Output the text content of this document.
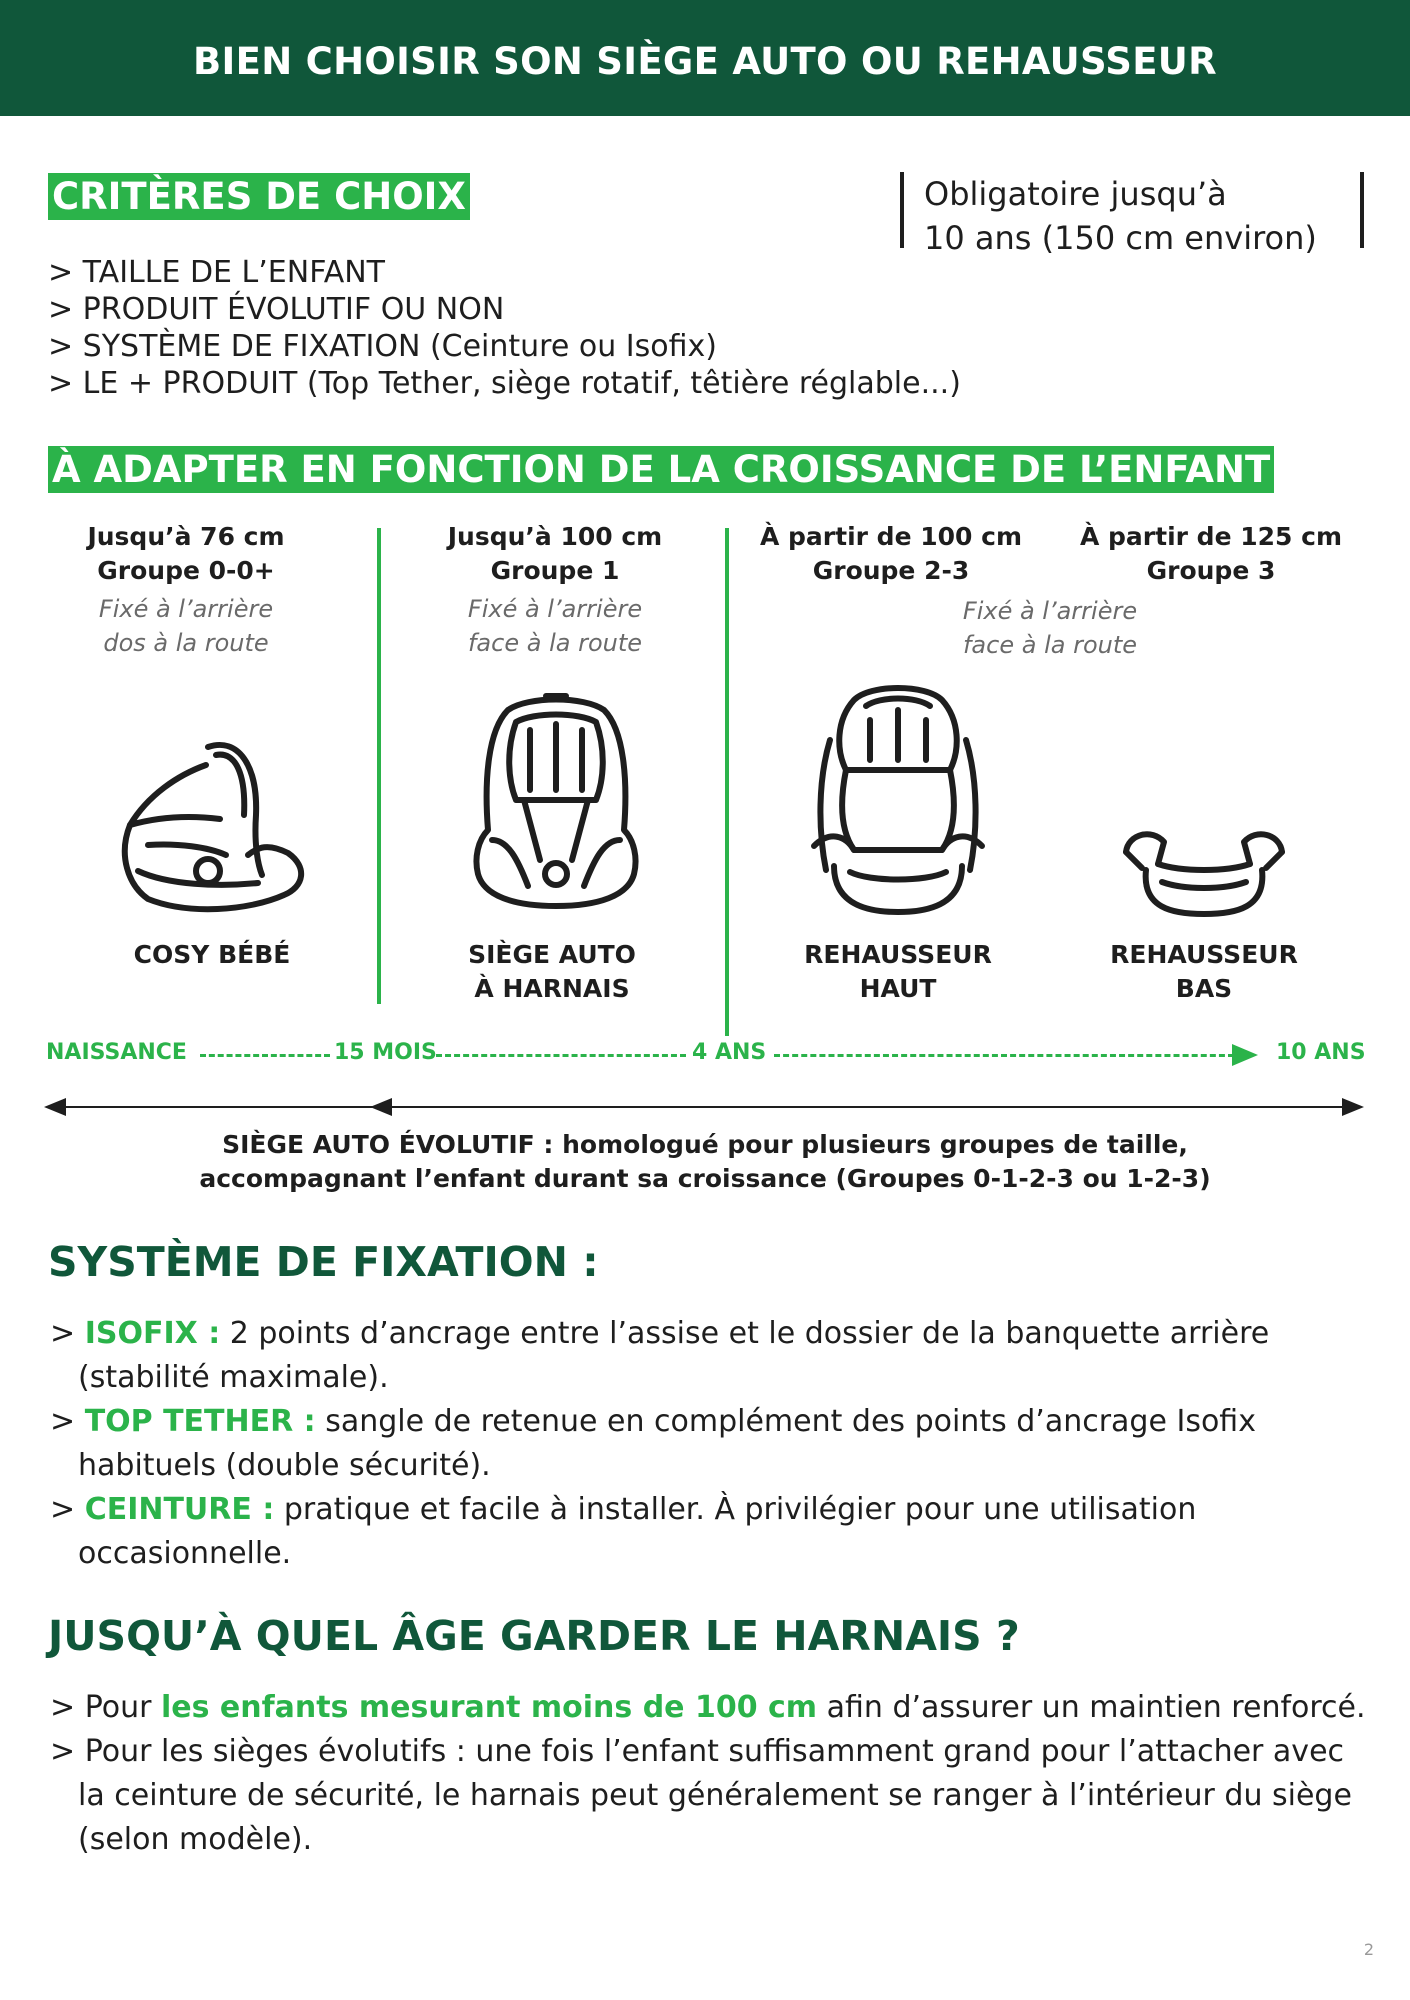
BIEN CHOISIR SON SIÈGE AUTO OU REHAUSSEUR
CRITÈRES DE CHOIX
> TAILLE DE L’ENFANT
> PRODUIT ÉVOLUTIF OU NON
> SYSTÈME DE FIXATION (Ceinture ou Isofix)
> LE + PRODUIT (Top Tether, siège rotatif, têtière réglable...)
Obligatoire jusqu’à
10 ans (150 cm environ)
À ADAPTER EN FONCTION DE LA CROISSANCE DE L’ENFANT
Jusqu’à 76 cm
Groupe 0-0+
Fixé à l’arrière
dos à la route
Jusqu’à 100 cm
Groupe 1
Fixé à l’arrière
face à la route
À partir de 100 cm
Groupe 2-3
À partir de 125 cm
Groupe 3
Fixé à l’arrière
face à la route
COSY BÉBÉ	SIÈGE AUTO
À HARNAIS
REHAUSSEUR
HAUT
REHAUSSEUR
BAS
NAISSANCE	15 MOIS	4 ANS	10 ANS
SIÈGE AUTO ÉVOLUTIF : homologué pour plusieurs groupes de taille,
accompagnant l’enfant durant sa croissance (Groupes 0-1-2-3 ou 1-2-3)
SYSTÈME DE FIXATION :

> ISOFIX : 2 points d’ancrage entre l’assise et le dossier de la banquette arrière (stabilité maximale).

> TOP TETHER : sangle de retenue en complément des points d’ancrage Isofix habituels (double sécurité).

> CEINTURE : pratique et facile à installer. À privilégier pour une utilisation occasionnelle.

JUSQU’À QUEL ÂGE GARDER LE HARNAIS ?

> Pour les enfants mesurant moins de 100 cm afin d’assurer un maintien renforcé.

> Pour les sièges évolutifs : une fois l’enfant suffisamment grand pour l’attacher avec la ceinture de sécurité, le harnais peut généralement se ranger à l’intérieur du siège (selon modèle).

2
